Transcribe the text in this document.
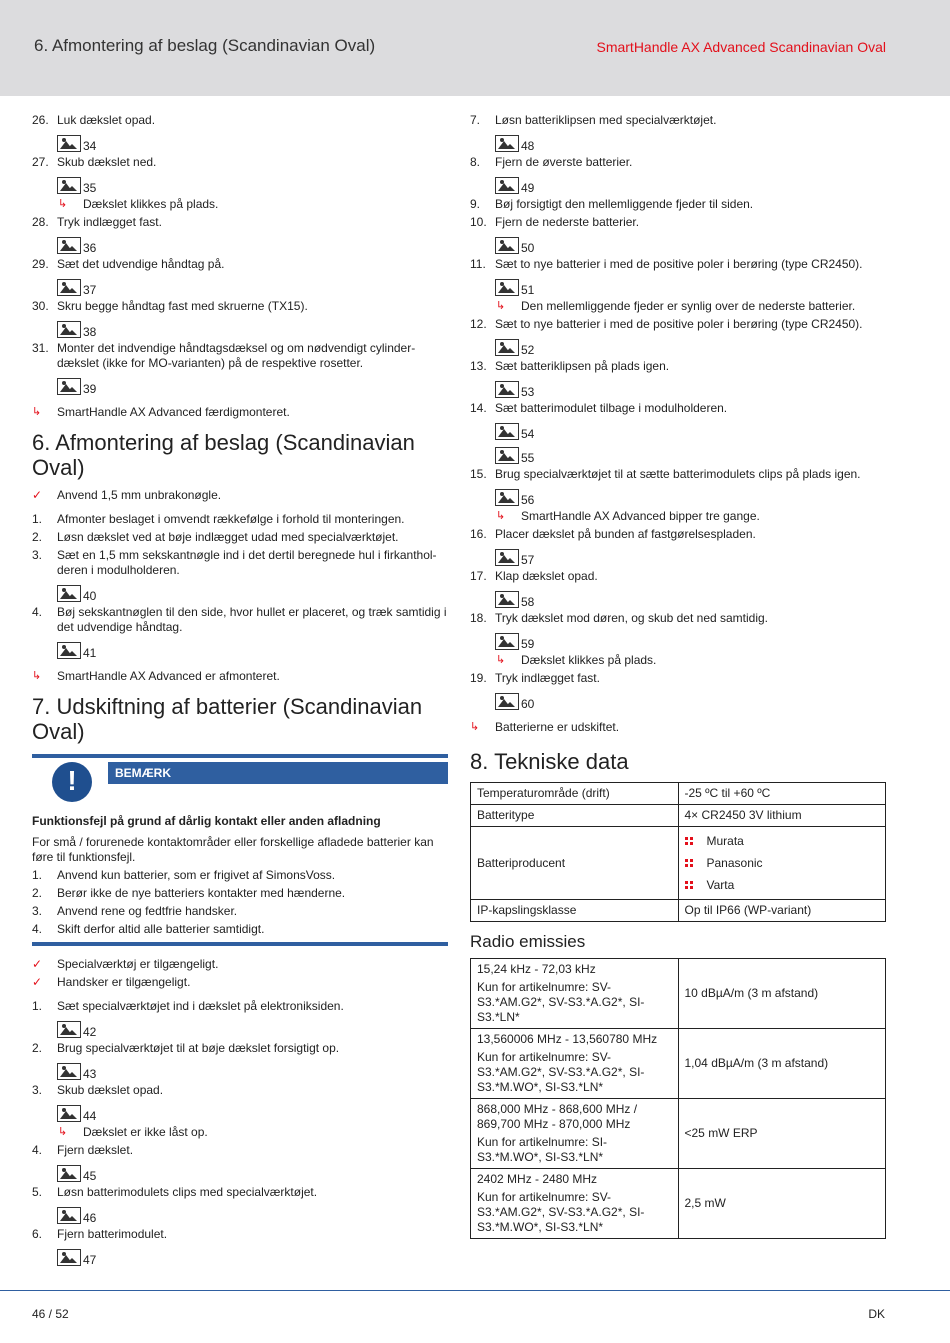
6. Afmontering af beslag (Scandinavian Oval)	SmartHandle AX Advanced Scandinavian Oval
26. Luk dækslet opad.
34
27. Skub dækslet ned.
35
↳ Dækslet klikkes på plads.
28. Tryk indlægget fast.
36
29. Sæt det udvendige håndtag på.
37
30. Skru begge håndtag fast med skruerne (TX15).
38
31. Monter det indvendige håndtagsdæksel og om nødvendigt cylinder-dækslet (ikke for MO-varianten) på de respektive rosetter.
39
↳ SmartHandle AX Advanced færdigmonteret.
6. Afmontering af beslag (Scandinavian Oval)
✓ Anvend 1,5 mm unbrakonøgle.
1. Afmonter beslaget i omvendt rækkefølge i forhold til monteringen.
2. Løsn dækslet ved at bøje indlægget udad med specialværktøjet.
3. Sæt en 1,5 mm sekskantnøgle ind i det dertil beregnede hul i firkanthol-deren i modulholderen.
40
4. Bøj sekskantnøglen til den side, hvor hullet er placeret, og træk samtidig i det udvendige håndtag.
41
↳ SmartHandle AX Advanced er afmonteret.
7. Udskiftning af batterier (Scandinavian Oval)
!	BEMÆRK
Funktionsfejl på grund af dårlig kontakt eller anden afladning
For små / forurenede kontaktområder eller forskellige afladede batterier kan føre til funktionsfejl.
1. Anvend kun batterier, som er frigivet af SimonsVoss.
2. Berør ikke de nye batteriers kontakter med hænderne.
3. Anvend rene og fedtfrie handsker.
4. Skift derfor altid alle batterier samtidigt.
✓ Specialværktøj er tilgængeligt.
✓ Handsker er tilgængeligt.
1. Sæt specialværktøjet ind i dækslet på elektroniksiden.
42
2. Brug specialværktøjet til at bøje dækslet forsigtigt op.
43
3. Skub dækslet opad.
44
↳ Dækslet er ikke låst op.
4. Fjern dækslet.
45
5. Løsn batterimodulets clips med specialværktøjet.
46
6. Fjern batterimodulet.
47
7. Løsn batteriklipsen med specialværktøjet.
48
8. Fjern de øverste batterier.
49
9. Bøj forsigtigt den mellemliggende fjeder til siden.
10. Fjern de nederste batterier.
50
11. Sæt to nye batterier i med de positive poler i berøring (type CR2450).
51
↳ Den mellemliggende fjeder er synlig over de nederste batterier.
12. Sæt to nye batterier i med de positive poler i berøring (type CR2450).
52
13. Sæt batteriklipsen på plads igen.
53
14. Sæt batterimodulet tilbage i modulholderen.
54
55
15. Brug specialværktøjet til at sætte batterimodulets clips på plads igen.
56
↳ SmartHandle AX Advanced bipper tre gange.
16. Placer dækslet på bunden af fastgørelsespladen.
57
17. Klap dækslet opad.
58
18. Tryk dækslet mod døren, og skub det ned samtidig.
59
↳ Dækslet klikkes på plads.
19. Tryk indlægget fast.
60
↳ Batterierne er udskiftet.
8. Tekniske data
Temperaturområde (drift)	-25 ºC til +60 ºC
Batteritype	4× CR2450 3V lithium
Batteriproducent	Murata
Panasonic
Varta

IP-kapslingsklasse	Op til IP66 (WP-variant)
Radio emissies
15,24 kHz - 72,03 kHz
Kun for artikelnumre: SV-S3.*AM.G2*, SV-S3.*A.G2*, SI-S3.*LN*	10 dBµA/m (3 m afstand)

13,560006 MHz - 13,560780 MHz
Kun for artikelnumre: SV-S3.*AM.G2*, SV-S3.*A.G2*, SI-S3.*M.WO*, SI-S3.*LN*	1,04 dBµA/m (3 m afstand)

868,000 MHz - 868,600 MHz / 869,700 MHz - 870,000 MHz
Kun for artikelnumre: SI-S3.*M.WO*, SI-S3.*LN*	<25 mW ERP

2402 MHz - 2480 MHz
Kun for artikelnumre: SV-S3.*AM.G2*, SV-S3.*A.G2*, SI-S3.*M.WO*, SI-S3.*LN*	2,5 mW
46 / 52	DK
